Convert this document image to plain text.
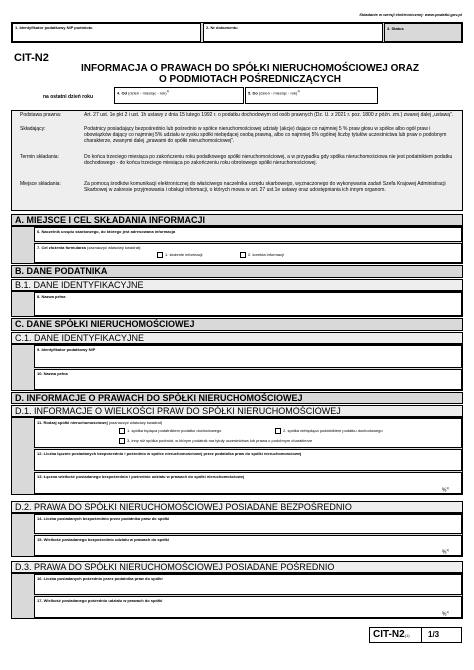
Składanie w wersji elektronicznej: www.podatki.gov.pl
1. Identyfikator podatkowy NIP podmiotu	2. Nr dokumentu	3. Status
CIT-N2
INFORMACJA O PRAWACH DO SPÓŁKI NIERUCHOMOŚCIOWEJ ORAZ
O PODMIOTACH POŚREDNICZĄCYCH
na ostatni dzień roku
4. Od (dzień - miesiąc - rok)$^{1)}$	5. Do (dzień - miesiąc - rok)$^{1)}$
Podstawa prawna:	Art. 27 ust. 1e pkt 2 i ust. 1h ustawy z dnia 15 lutego 1992 r. o podatku dochodowym od osób prawnych (Dz. U. z 2021 r. poz. 1800 z późn. zm.) zwanej dalej „ustawą”.
Składający:	Podatnicy posiadający bezpośrednio lub pośrednio w spółce nieruchomościowej udziały (akcje) dające co najmniej 5 % praw głosu w spółce albo ogół praw i obowiązków dający co najmniej 5% udziału w zysku spółki niebędącej osobą prawną, albo co najmniej 5% ogólnej liczby tytułów uczestnictwa lub praw o podobnym charakterze, zwanymi dalej „prawami do spółki nieruchomościowej”.
Termin składania:	Do końca trzeciego miesiąca po zakończeniu roku podatkowego spółki nieruchomościowej, a w przypadku gdy spółka nieruchomościowa nie jest podatnikiem podatku dochodowego - do końca trzeciego miesiąca po zakończeniu roku obrotowego spółki nieruchomościowej.
Miejsce składania:	Za pomocą środków komunikacji elektronicznej do właściwego naczelnika urzędu skarbowego, wyznaczonego do wykonywania zadań Szefa Krajowej Administracji Skarbowej w zakresie przyjmowania i obsługi informacji, o których mowa w art. 27 ust.1e ustawy oraz udostępniania ich innym organom.
A. MIEJSCE I CEL SKŁADANIA INFORMACJI
6. Naczelnik urzędu skarbowego, do którego jest adresowana informacja
7. Cel złożenia formularza (zaznaczyć właściwy kwadrat):
1. złożenie informacji	2. korekta informacji
B. DANE PODATNIKA
B.1. DANE IDENTYFIKACYJNE
8. Nazwa pełna
C. DANE SPÓŁKI NIERUCHOMOŚCIOWEJ
C.1. DANE IDENTYFIKACYJNE
9. Identyfikator podatkowy NIP
10. Nazwa pełna
D. INFORMACJE O PRAWACH DO SPÓŁKI NIERUCHOMOŚCIOWEJ
D.1. INFORMACJE O WIELKOŚCI PRAW DO SPÓŁKI NIERUCHOMOŚCIOWEJ
11. Rodzaj spółki nieruchomościowej (zaznaczyć właściwy kwadrat)
1. spółka będąca podatnikiem podatku dochodowego	2. spółka niebędąca podatnikiem podatku dochodowego
3. inny niż spółka podmiot, w którym podatnik ma tytuły uczestnictwa lub prawa o podobnym charakterze
12. Liczba łącznie posiadanych bezpośrednio i pośrednio w spółce nieruchomościowej przez podatnika praw do spółki nieruchomościowej
13. Łączna wielkość posiadanego bezpośrednio i pośrednio udziału w prawach do spółki nieruchomościowej
%$^{1)}$
D.2. PRAWA DO SPÓŁKI NIERUCHOMOŚCIOWEJ POSIADANE BEZPOŚREDNIO
14. Liczba posiadanych bezpośrednio przez podatnika praw do spółki
15. Wielkość posiadanego bezpośrednio udziału w prawach do spółki
%$^{1)}$
D.3. PRAWA DO SPÓŁKI NIERUCHOMOŚCIOWEJ POSIADANE POŚREDNIO
16. Liczba posiadanych pośrednio przez podatnika praw do spółki
17. Wielkość posiadanego pośrednio udziału w prawach do spółki
%$^{1)}$
CIT-N2(1) 1/3
